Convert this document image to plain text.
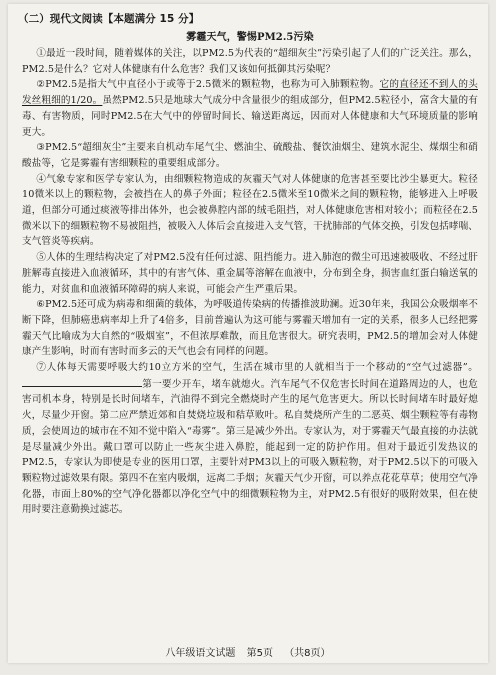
（二）现代文阅读【本题满分 15 分】
雾霾天气，警惕PM2.5污染

①最近一段时间，随着媒体的关注，以PM2.5为代表的“超细灰尘”污染引起了人们的广泛关注。那么，PM2.5是什么？它对人体健康有什么危害？我们又该如何抵御其污染呢？

②PM2.5是指大气中直径小于或等于2.5微米的颗粒物，也称为可入肺颗粒物。它的直径还不到人的头发丝粗细的1/20。虽然PM2.5只是地球大气成分中含量很少的组成部分，但PM2.5粒径小，富含大量的有毒、有害物质，同时PM2.5在大气中的停留时间长、输送距离远，因而对人体健康和大气环境质量的影响更大。

③PM2.5“超细灰尘”主要来自机动车尾气尘、燃油尘、硫酸盐、餐饮油烟尘、建筑水泥尘、煤烟尘和硝酸盐等，它是雾霾有害细颗粒的重要组成部分。

④气象专家和医学专家认为，由细颗粒物造成的灰霾天气对人体健康的危害甚至要比沙尘暴更大。粒径10微米以上的颗粒物，会被挡在人的鼻子外面；粒径在2.5微米至10微米之间的颗粒物，能够进入上呼吸道，但部分可通过痰液等排出体外，也会被鼻腔内部的绒毛阻挡，对人体健康危害相对较小；而粒径在2.5微米以下的细颗粒物不易被阻挡，被吸入人体后会直接进入支气管，干扰肺部的气体交换，引发包括哮喘、支气管炎等疾病。

⑤人体的生理结构决定了对PM2.5没有任何过滤、阻挡能力。进入肺泡的微尘可迅速被吸收、不经过肝脏解毒直接进入血液循环，其中的有害气体、重金属等溶解在血液中，分布到全身，损害血红蛋白输送氧的能力，对贫血和血液循环障碍的病人来说，可能会产生严重后果。

⑥PM2.5还可成为病毒和细菌的载体，为呼吸道传染病的传播推波助澜。近30年来，我国公众吸烟率不断下降，但肺癌患病率却上升了4倍多，目前普遍认为这可能与雾霾天增加有一定的关系，很多人已经把雾霾天气比喻成为大自然的“吸烟室”，不但浓厚难散，而且危害很大。研究表明，PM2.5的增加会对人体健康产生影响，时而有害时而多云的天气也会有同样的问题。

⑦人体每天需要呼吸大约10立方米的空气，生活在城市里的人就相当于一个移动的“空气过滤器”。第一要少开车，堵车就熄火。汽车尾气不仅危害长时间在道路周边的人，也危害司机本身，特别是长时间堵车，汽油得不到完全燃烧时产生的尾气危害更大。所以长时间堵车时最好熄火，尽量少开窗。第二应严禁近郊和自焚烧垃圾和秸草败叶。私自焚烧所产生的二恶英、烟尘颗粒等有毒物质，会使周边的城市在不知不觉中陷入“毒雾”。第三是减少外出。专家认为，对于雾霾天气最直接的办法就是尽量减少外出。戴口罩可以防止一些灰尘进入鼻腔，能起到一定的防护作用。但对于最近引发热议的PM2.5，专家认为即使是专业的医用口罩，主要针对PM3以上的可吸入颗粒物，对于PM2.5以下的可吸入颗粒物过滤效果有限。第四不在室内吸烟，远离二手烟；灰霾天气少开窗，可以养点花花草草；使用空气净化器，市面上80%的空气净化器都以净化空气中的细微颗粒物为主，对PM2.5有很好的吸附效果，但在使用时要注意勤换过滤芯。

八年级语文试题 第5页 （共8页）
